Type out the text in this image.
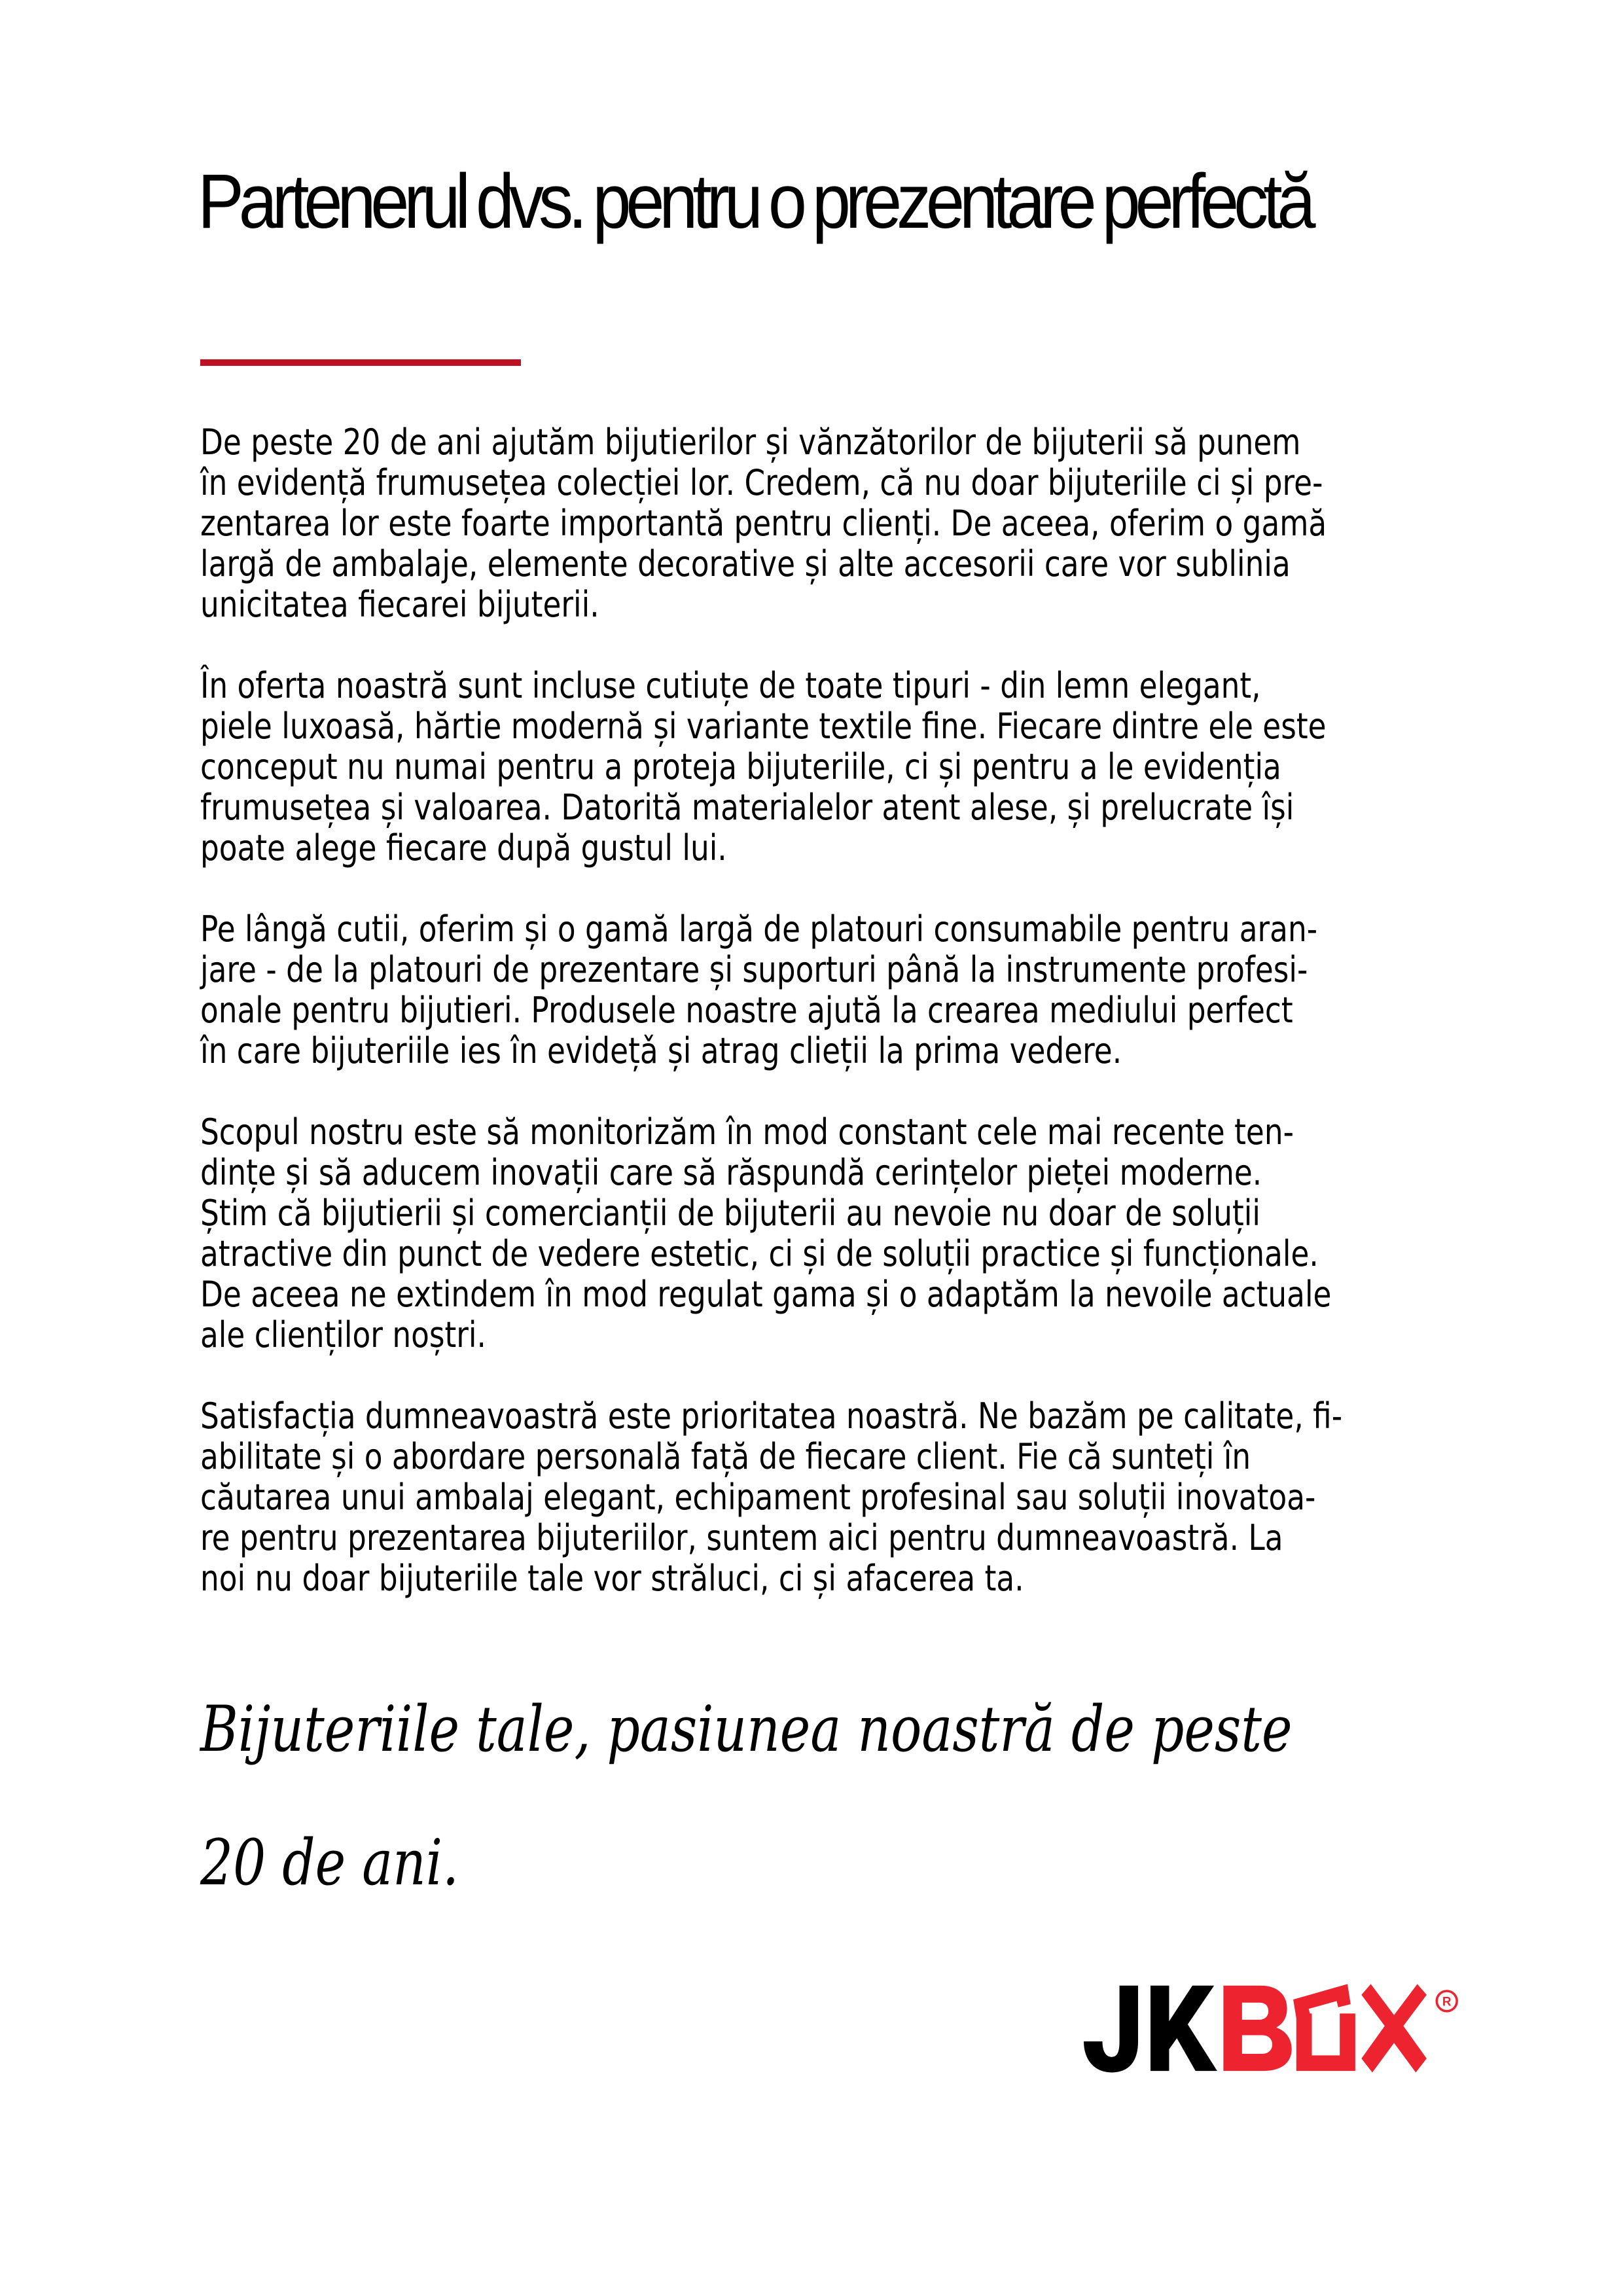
Partenerul dvs. pentru o prezentare perfectă

De peste 20 de ani ajutăm bijutierilor și vănzătorilor de bijuterii să punem
în evidență frumusețea colecției lor. Credem, că nu doar bijuteriile ci și pre-
zentarea lor este foarte importantă pentru clienți. De aceea, oferim o gamă
largă de ambalaje, elemente decorative și alte accesorii care vor sublinia
unicitatea fiecarei bijuterii.

În oferta noastră sunt incluse cutiuțe de toate tipuri - din lemn elegant,
piele luxoasă, hărtie modernă și variante textile fine. Fiecare dintre ele este
conceput nu numai pentru a proteja bijuteriile, ci și pentru a le evidenția
frumusețea și valoarea. Datorită materialelor atent alese, și prelucrate își
poate alege fiecare după gustul lui.

Pe lângă cutii, oferim și o gamă largă de platouri consumabile pentru aran-
jare - de la platouri de prezentare și suporturi până la instrumente profesi-
onale pentru bijutieri. Produsele noastre ajută la crearea mediului perfect
în care bijuteriile ies în evidețǎ și atrag clieții la prima vedere.

Scopul nostru este să monitorizăm în mod constant cele mai recente ten-
dințe și să aducem inovații care să răspundă cerințelor pieței moderne.
Știm că bijutierii și comercianții de bijuterii au nevoie nu doar de soluții
atractive din punct de vedere estetic, ci și de soluții practice și funcționale.
De aceea ne extindem în mod regulat gama și o adaptăm la nevoile actuale
ale clienților noștri.

Satisfacția dumneavoastră este prioritatea noastră. Ne bazăm pe calitate, fi-
abilitate și o abordare personală față de fiecare client. Fie că sunteți în
căutarea unui ambalaj elegant, echipament profesinal sau soluții inovatoa-
re pentru prezentarea bijuteriilor, suntem aici pentru dumneavoastră. La
noi nu doar bijuteriile tale vor străluci, ci și afacerea ta.

Bijuteriile tale, pasiunea noastră de peste
20 de ani.
R
